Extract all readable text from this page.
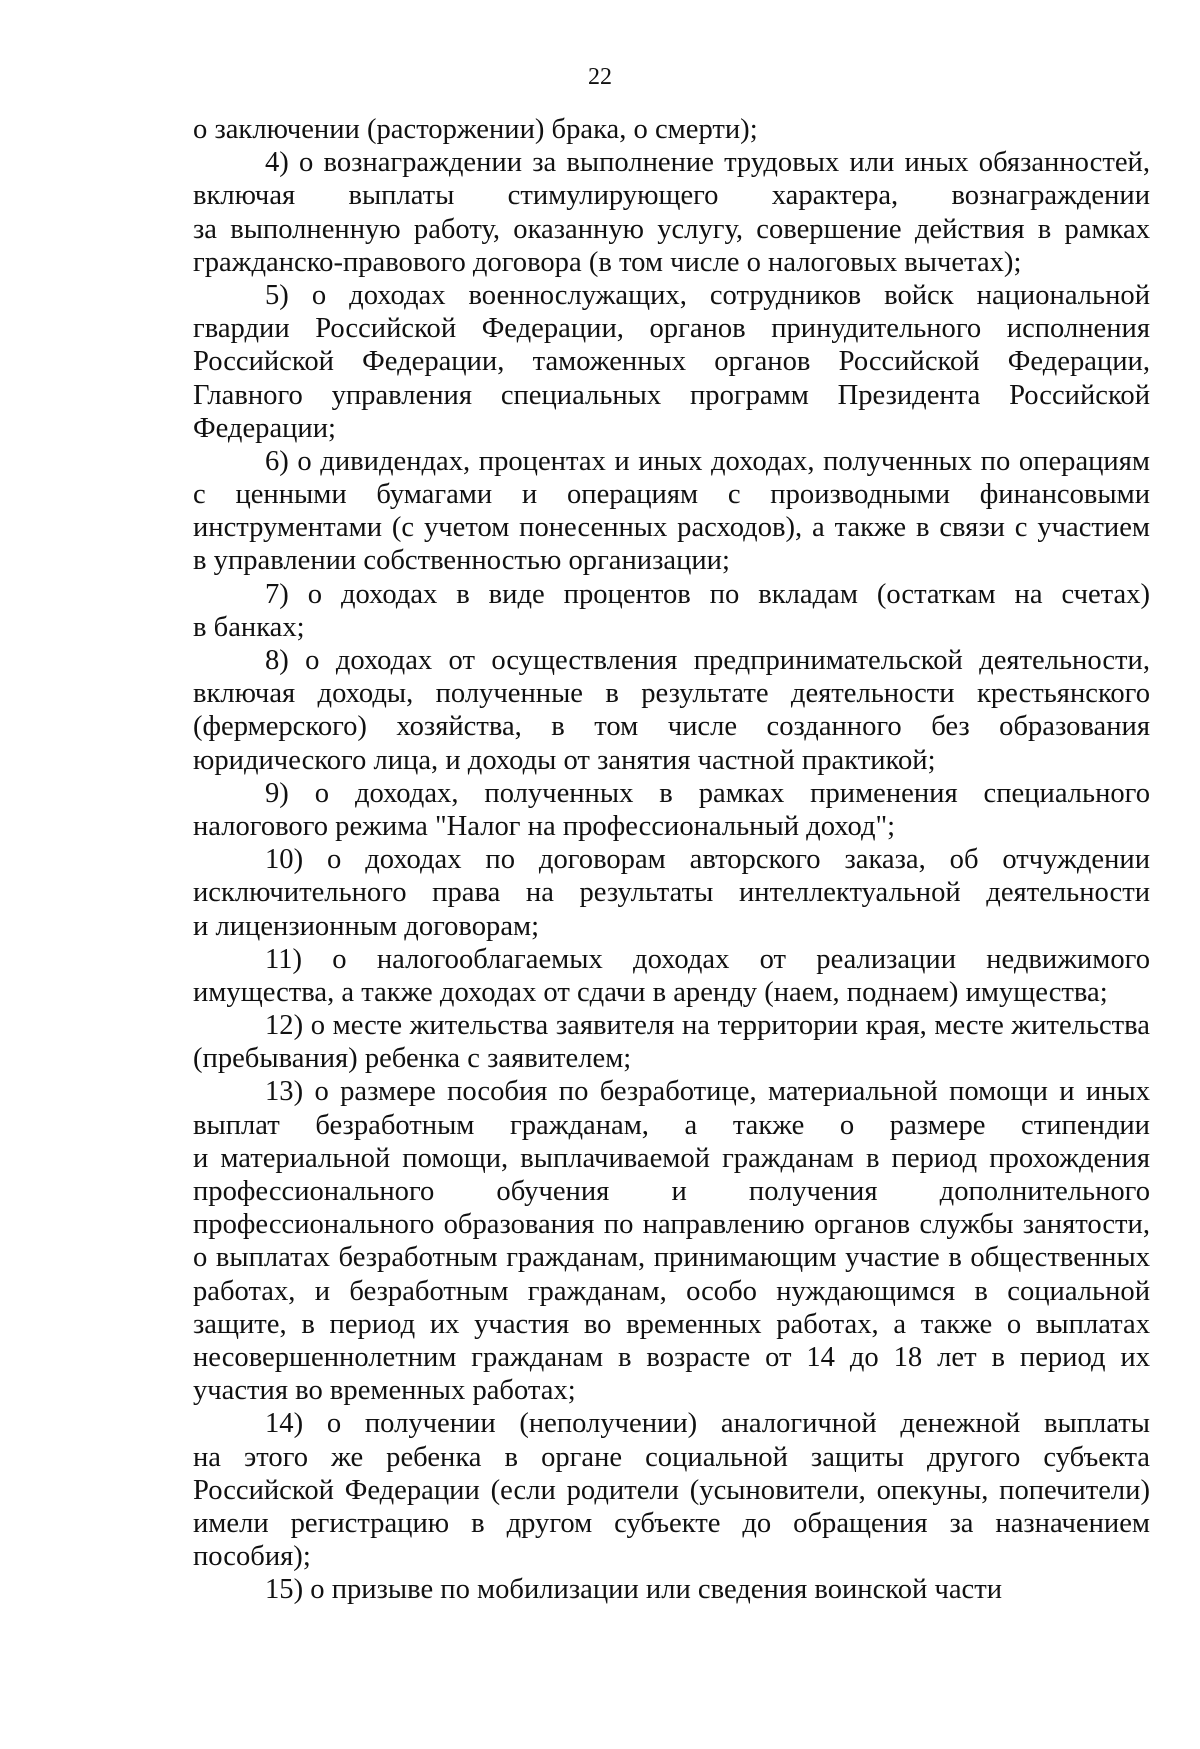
22
о заключении (расторжении) брака, о смерти);
4) о вознаграждении за выполнение трудовых или иных обязанностей,
включая выплаты стимулирующего характера, вознаграждении
за выполненную работу, оказанную услугу, совершение действия в рамках
гражданско-правового договора (в том числе о налоговых вычетах);
5) о доходах военнослужащих, сотрудников войск национальной
гвардии Российской Федерации, органов принудительного исполнения
Российской Федерации, таможенных органов Российской Федерации,
Главного управления специальных программ Президента Российской
Федерации;
6) о дивидендах, процентах и иных доходах, полученных по операциям
с ценными бумагами и операциям с производными финансовыми
инструментами (с учетом понесенных расходов), а также в связи с участием
в управлении собственностью организации;
7) о доходах в виде процентов по вкладам (остаткам на счетах)
в банках;
8) о доходах от осуществления предпринимательской деятельности,
включая доходы, полученные в результате деятельности крестьянского
(фермерского) хозяйства, в том числе созданного без образования
юридического лица, и доходы от занятия частной практикой;
9) о доходах, полученных в рамках применения специального
налогового режима "Налог на профессиональный доход";
10) о доходах по договорам авторского заказа, об отчуждении
исключительного права на результаты интеллектуальной деятельности
и лицензионным договорам;
11) о налогооблагаемых доходах от реализации недвижимого
имущества, а также доходах от сдачи в аренду (наем, поднаем) имущества;
12) о месте жительства заявителя на территории края, месте жительства
(пребывания) ребенка с заявителем;
13) о размере пособия по безработице, материальной помощи и иных
выплат безработным гражданам, а также о размере стипендии
и материальной помощи, выплачиваемой гражданам в период прохождения
профессионального обучения и получения дополнительного
профессионального образования по направлению органов службы занятости,
о выплатах безработным гражданам, принимающим участие в общественных
работах, и безработным гражданам, особо нуждающимся в социальной
защите, в период их участия во временных работах, а также о выплатах
несовершеннолетним гражданам в возрасте от 14 до 18 лет в период их
участия во временных работах;
14) о получении (неполучении) аналогичной денежной выплаты
на этого же ребенка в органе социальной защиты другого субъекта
Российской Федерации (если родители (усыновители, опекуны, попечители)
имели регистрацию в другом субъекте до обращения за назначением
пособия);
15) о призыве по мобилизации или сведения воинской части
